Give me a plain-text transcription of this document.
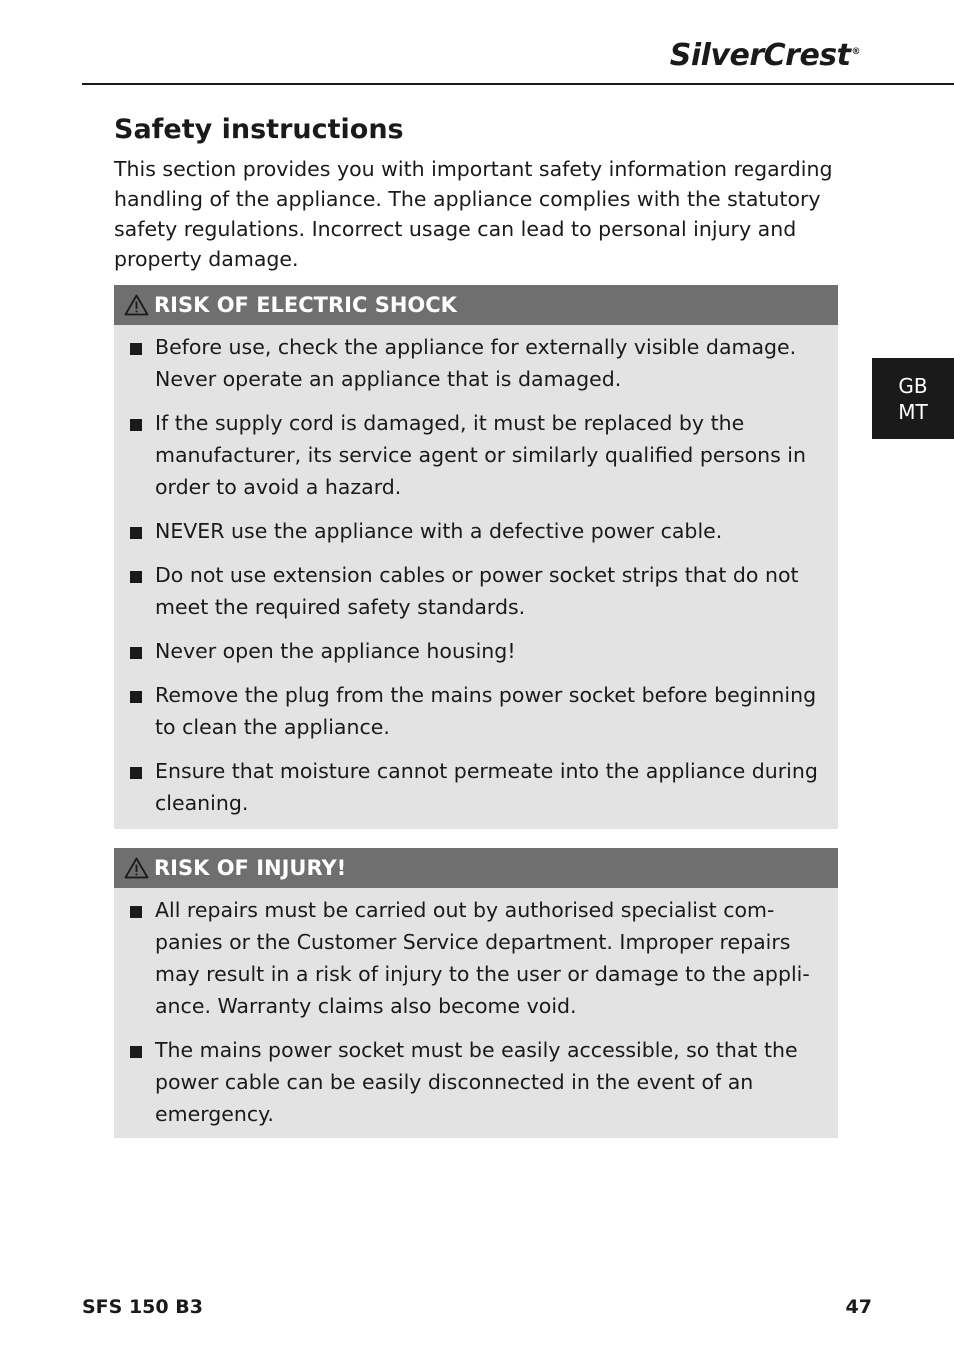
SilverCrest®
GB
MT
Safety instructions

This section provides you with important safety information regarding handling of the appliance. The appliance complies with the statutory safety regulations. Incorrect usage can lead to personal injury and property damage.

RISK OF ELECTRIC SHOCK
Before use, check the appliance for externally visible damage. Never operate an appliance that is damaged.
If the supply cord is damaged, it must be replaced by the manufacturer, its service agent or similarly qualified persons in order to avoid a hazard.
NEVER use the appliance with a defective power cable.
Do not use extension cables or power socket strips that do not meet the required safety standards.
Never open the appliance housing!
Remove the plug from the mains power socket before beginning to clean the appliance.
Ensure that moisture cannot permeate into the appliance during cleaning.
RISK OF INJURY!
All repairs must be carried out by authorised specialist com-panies or the Customer Service department. Improper repairs may result in a risk of injury to the user or damage to the appli-ance. Warranty claims also become void.
The mains power socket must be easily accessible, so that the power cable can be easily disconnected in the event of an emergency.
SFS 150 B3	47
